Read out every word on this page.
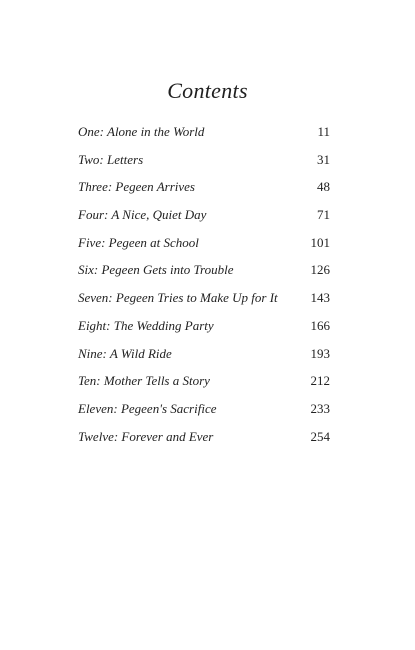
Contents
One: Alone in the World	11
Two: Letters	31
Three: Pegeen Arrives	48
Four: A Nice, Quiet Day	71
Five: Pegeen at School	101
Six: Pegeen Gets into Trouble	126
Seven: Pegeen Tries to Make Up for It	143
Eight: The Wedding Party	166
Nine: A Wild Ride	193
Ten: Mother Tells a Story	212
Eleven: Pegeen's Sacrifice	233
Twelve: Forever and Ever	254
